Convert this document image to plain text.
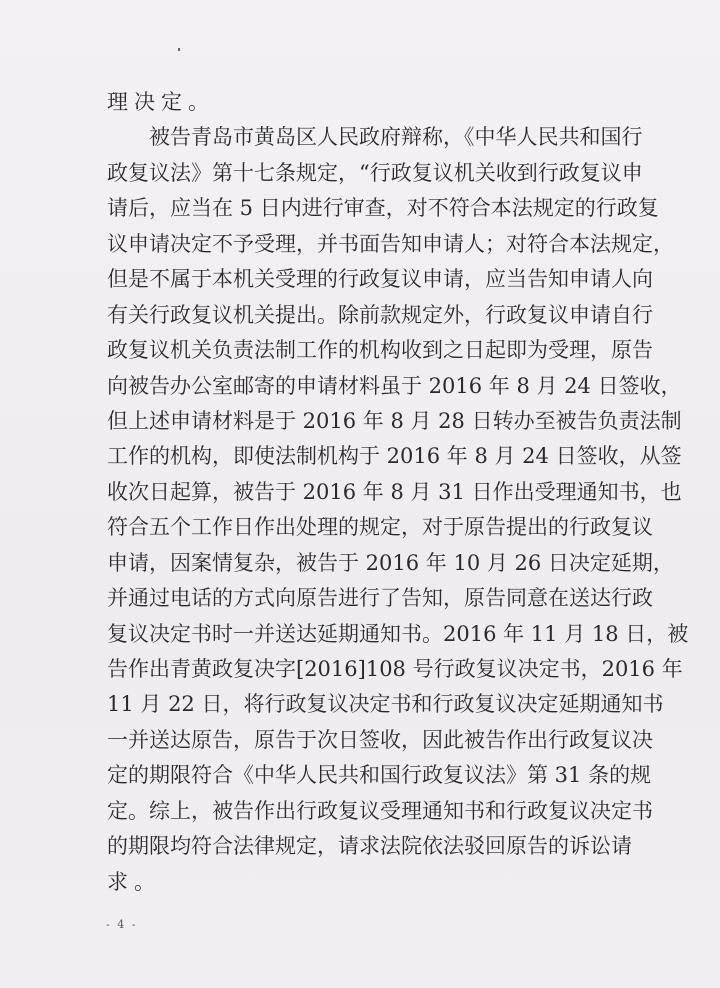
理决定。
　　被告青岛市黄岛区人民政府辩称，《中华人民共和国行
政复议法》第十七条规定，“行政复议机关收到行政复议申
请后，应当在 5 日内进行审查，对不符合本法规定的行政复
议申请决定不予受理，并书面告知申请人；对符合本法规定，
但是不属于本机关受理的行政复议申请，应当告知申请人向
有关行政复议机关提出。除前款规定外，行政复议申请自行
政复议机关负责法制工作的机构收到之日起即为受理，原告
向被告办公室邮寄的申请材料虽于 2016 年 8 月 24 日签收，
但上述申请材料是于 2016 年 8 月 28 日转办至被告负责法制
工作的机构，即使法制机构于 2016 年 8 月 24 日签收，从签
收次日起算，被告于 2016 年 8 月 31 日作出受理通知书，也
符合五个工作日作出处理的规定，对于原告提出的行政复议
申请，因案情复杂，被告于 2016 年 10 月 26 日决定延期，
并通过电话的方式向原告进行了告知，原告同意在送达行政
复议决定书时一并送达延期通知书。2016 年 11 月 18 日，被
告作出青黄政复决字[2016]108 号行政复议决定书，2016 年
11 月 22 日，将行政复议决定书和行政复议决定延期通知书
一并送达原告，原告于次日签收，因此被告作出行政复议决
定的期限符合《中华人民共和国行政复议法》第 31 条的规
定。综上，被告作出行政复议受理通知书和行政复议决定书
的期限均符合法律规定，请求法院依法驳回原告的诉讼请
求。
- 4 -
